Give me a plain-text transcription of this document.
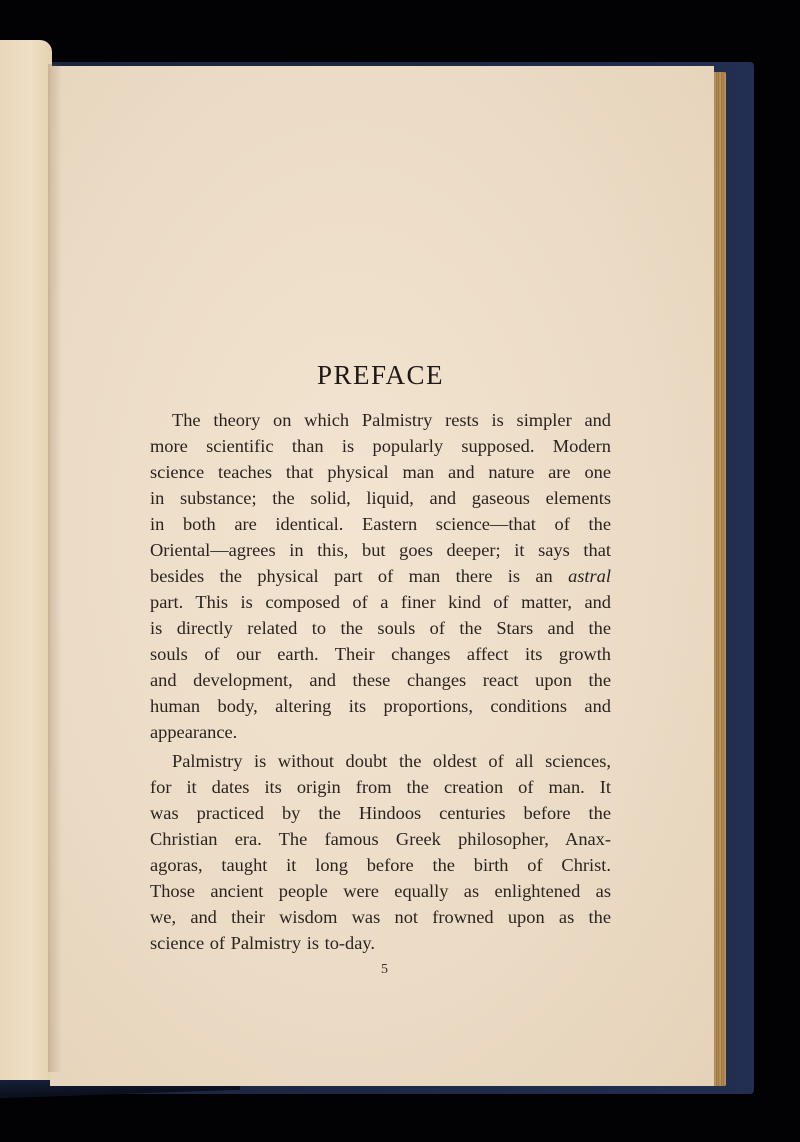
PREFACE
The theory on which Palmistry rests is simpler and
more scientific than is popularly supposed. Modern
science teaches that physical man and nature are one
in substance; the solid, liquid, and gaseous elements
in both are identical. Eastern science—that of the
Oriental—agrees in this, but goes deeper; it says that
besides the physical part of man there is an astral
part. This is composed of a finer kind of matter, and
is directly related to the souls of the Stars and the
souls of our earth. Their changes affect its growth
and development, and these changes react upon the
human body, altering its proportions, conditions and
appearance.
Palmistry is without doubt the oldest of all sciences,
for it dates its origin from the creation of man. It
was practiced by the Hindoos centuries before the
Christian era. The famous Greek philosopher, Anax-
agoras, taught it long before the birth of Christ.
Those ancient people were equally as enlightened as
we, and their wisdom was not frowned upon as the
science of Palmistry is to-day.
5
